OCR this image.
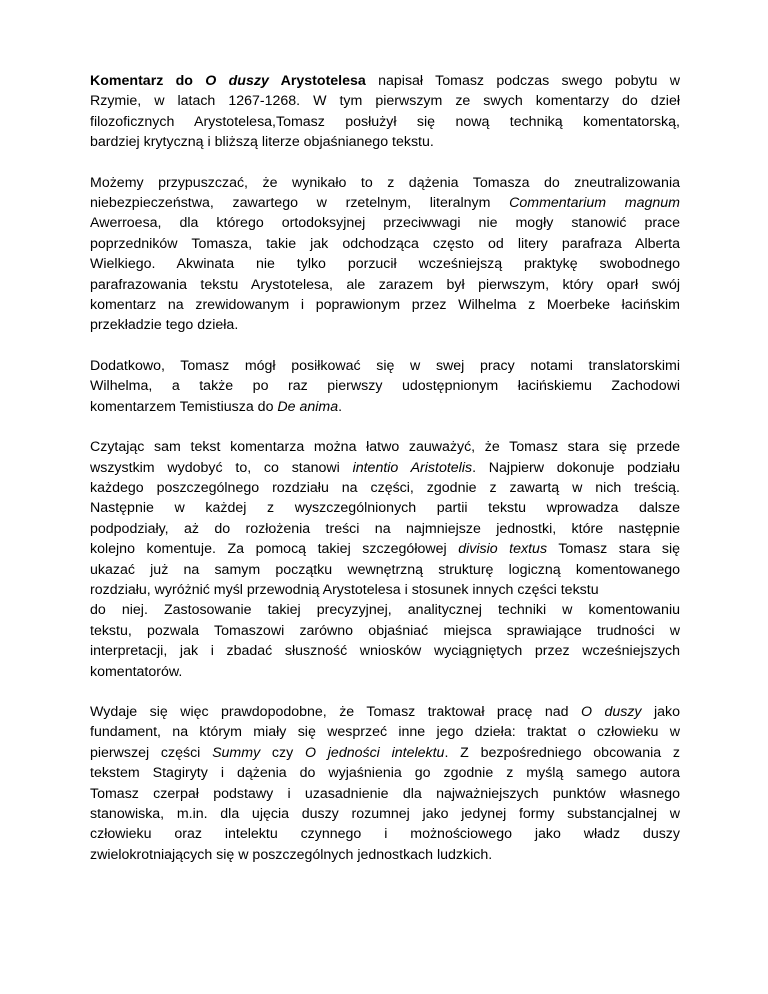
Komentarz do O duszy Arystotelesa napisał Tomasz podczas swego pobytu w
Rzymie, w latach 1267-1268. W tym pierwszym ze swych komentarzy do dzieł
filozoficznych Arystotelesa,Tomasz posłużył się nową techniką komentatorską,
bardziej krytyczną i bliższą literze objaśnianego tekstu.

Możemy przypuszczać, że wynikało to z dążenia Tomasza do zneutralizowania
niebezpieczeństwa, zawartego w rzetelnym, literalnym Commentarium magnum
Awerroesa, dla którego ortodoksyjnej przeciwwagi nie mogły stanowić prace
poprzedników Tomasza, takie jak odchodząca często od litery parafraza Alberta
Wielkiego. Akwinata nie tylko porzucił wcześniejszą praktykę swobodnego
parafrazowania tekstu Arystotelesa, ale zarazem był pierwszym, który oparł swój
komentarz na zrewidowanym i poprawionym przez Wilhelma z Moerbeke łacińskim
przekładzie tego dzieła.

Dodatkowo, Tomasz mógł posiłkować się w swej pracy notami translatorskimi
Wilhelma, a także po raz pierwszy udostępnionym łacińskiemu Zachodowi
komentarzem Temistiusza do De anima.

Czytając sam tekst komentarza można łatwo zauważyć, że Tomasz stara się przede
wszystkim wydobyć to, co stanowi intentio Aristotelis. Najpierw dokonuje podziału
każdego poszczególnego rozdziału na części, zgodnie z zawartą w nich treścią.
Następnie w każdej z wyszczególnionych partii tekstu wprowadza dalsze
podpodziały, aż do rozłożenia treści na najmniejsze jednostki, które następnie
kolejno komentuje. Za pomocą takiej szczegółowej divisio textus Tomasz stara się
ukazać już na samym początku wewnętrzną strukturę logiczną komentowanego
rozdziału, wyróżnić myśl przewodnią Arystotelesa i stosunek innych części tekstu
do niej. Zastosowanie takiej precyzyjnej, analitycznej techniki w komentowaniu
tekstu, pozwala Tomaszowi zarówno objaśniać miejsca sprawiające trudności w
interpretacji, jak i zbadać słuszność wniosków wyciągniętych przez wcześniejszych
komentatorów.

Wydaje się więc prawdopodobne, że Tomasz traktował pracę nad O duszy jako
fundament, na którym miały się wesprzeć inne jego dzieła: traktat o człowieku w
pierwszej części Summy czy O jedności intelektu. Z bezpośredniego obcowania z
tekstem Stagiryty i dążenia do wyjaśnienia go zgodnie z myślą samego autora
Tomasz czerpał podstawy i uzasadnienie dla najważniejszych punktów własnego
stanowiska, m.in. dla ujęcia duszy rozumnej jako jedynej formy substancjalnej w
człowieku oraz intelektu czynnego i możnościowego jako władz duszy
zwielokrotniających się w poszczególnych jednostkach ludzkich.
